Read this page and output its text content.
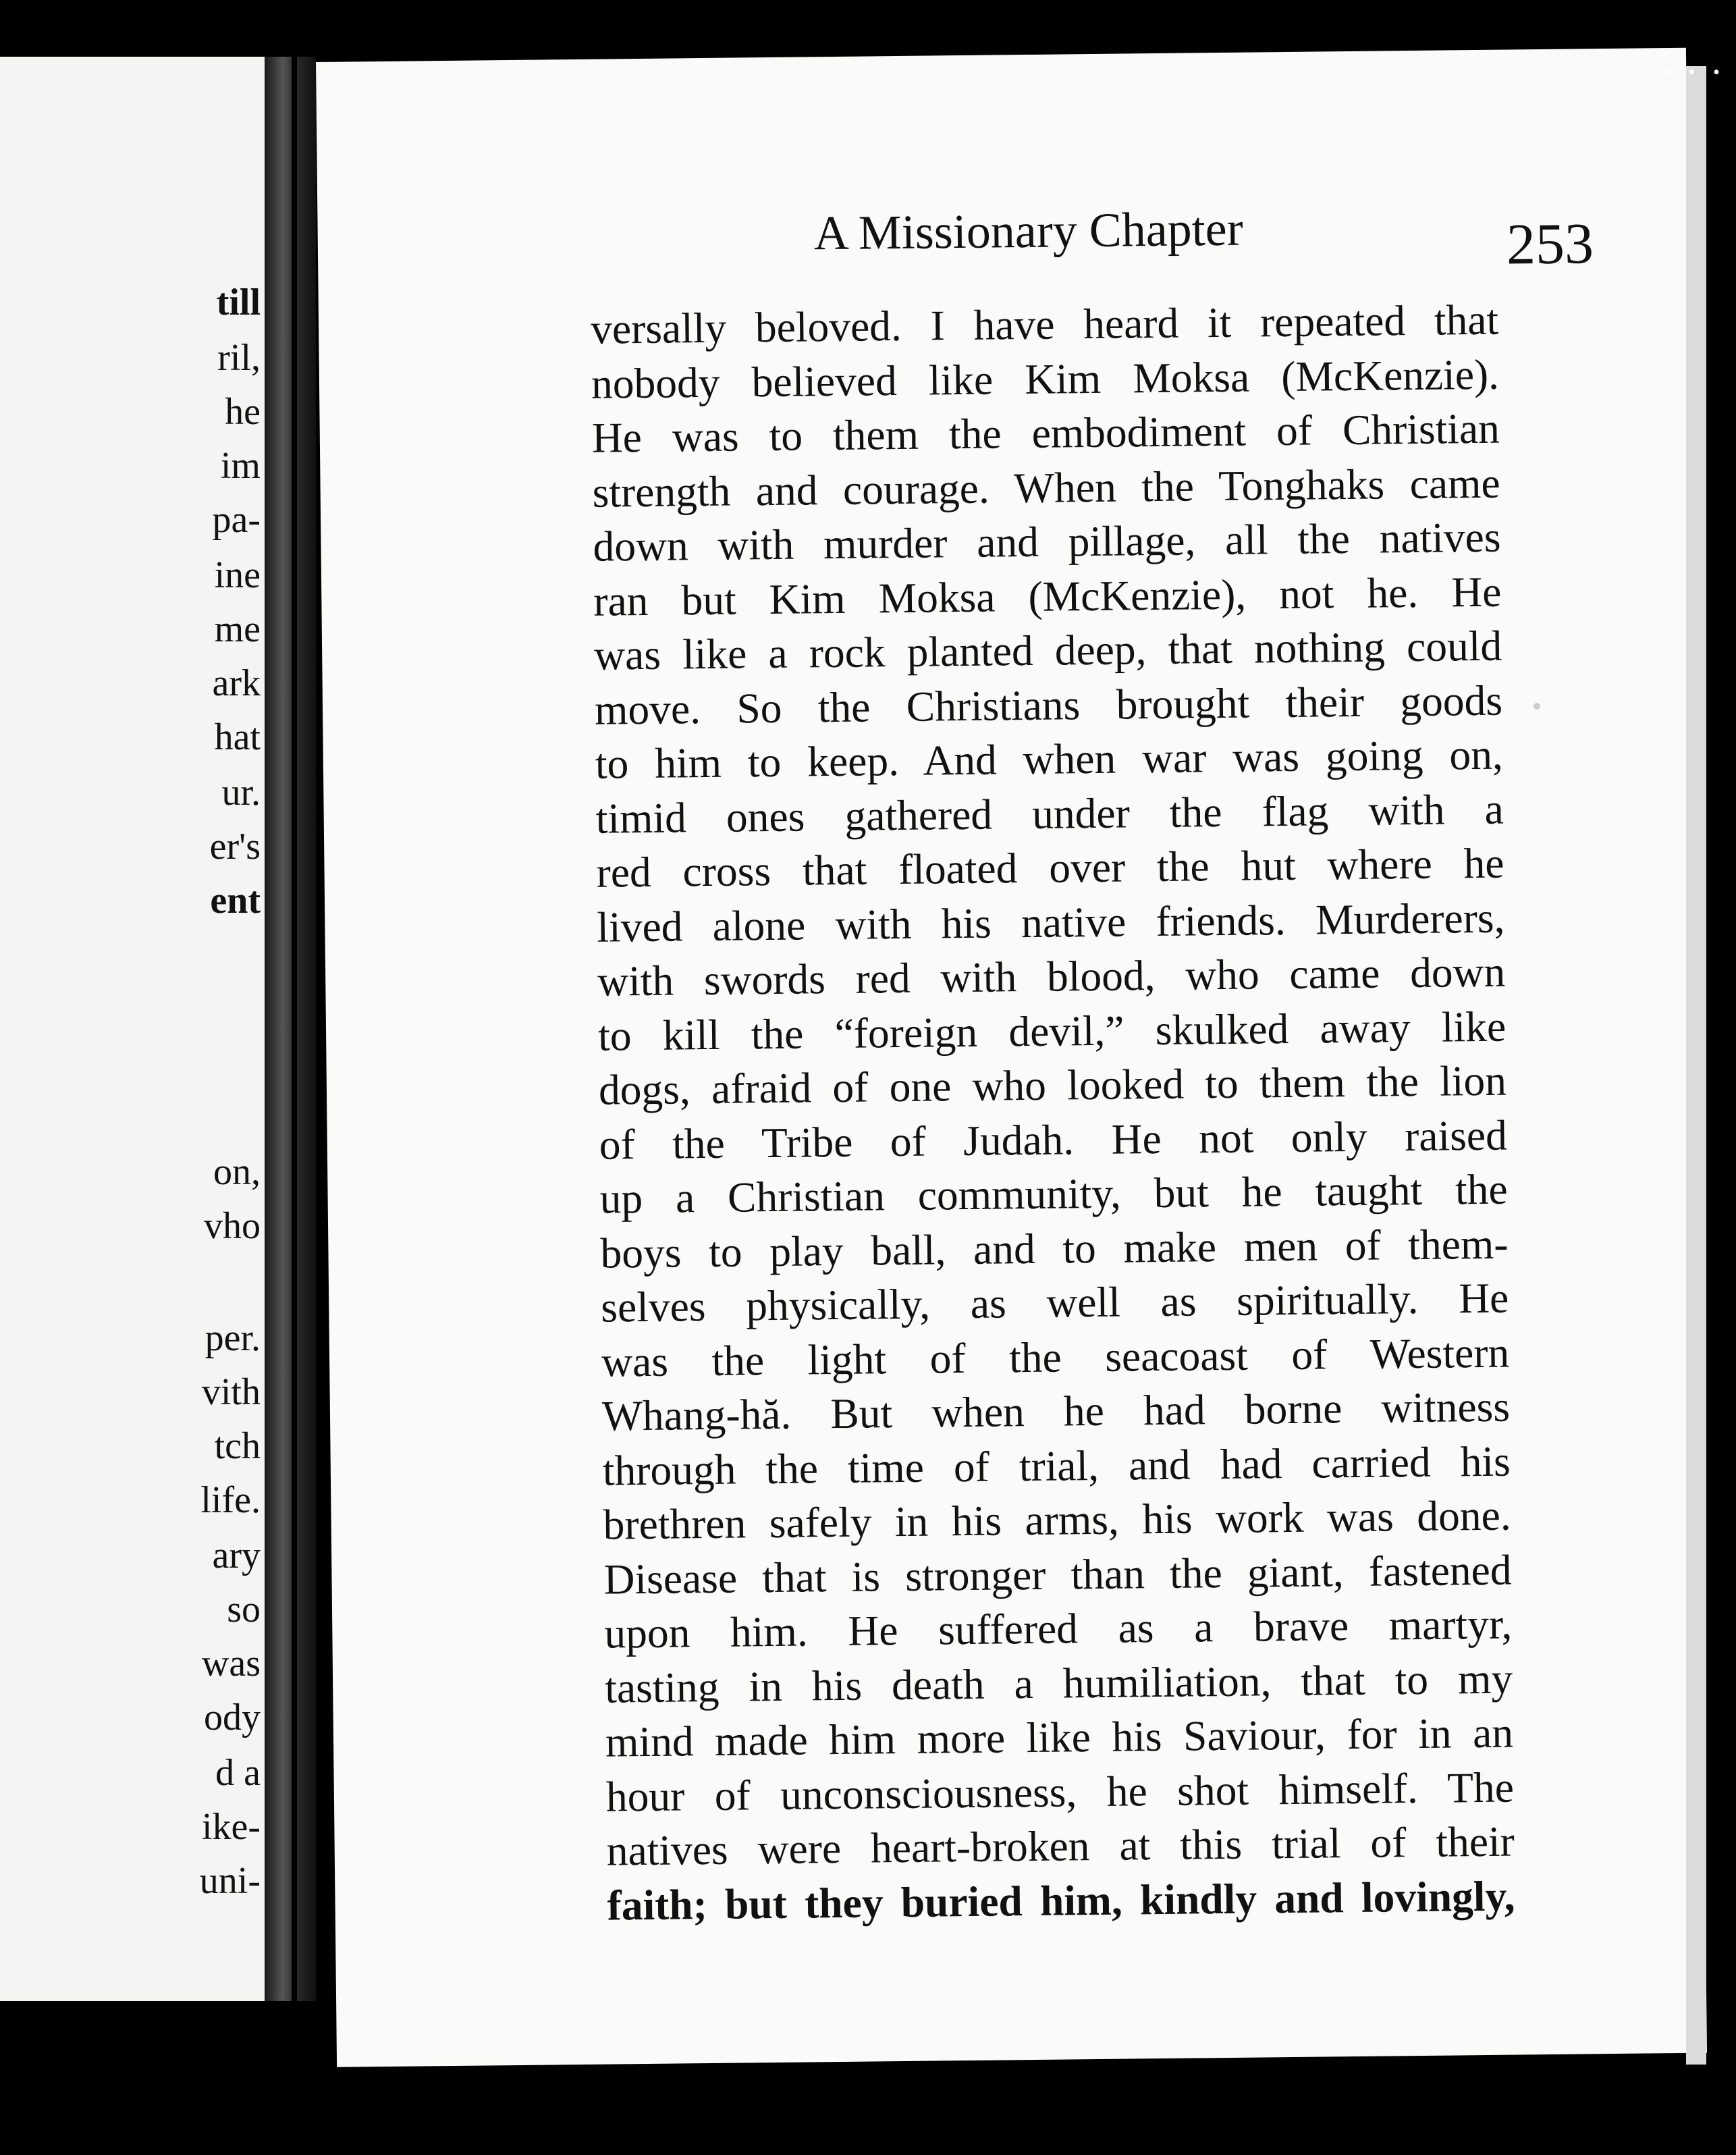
till
ril,
he
im
pa-
ine
me
ark
hat
ur.
er's
ent
on,
vho
per.
vith
tch
life.
ary
so
was
ody
d a
ike-
uni-
A Missionary Chapter	253
versally beloved. I have heard it repeated that
nobody believed like Kim Moksa (McKenzie).
He was to them the embodiment of Christian
strength and courage. When the Tonghaks came
down with murder and pillage, all the natives
ran but Kim Moksa (McKenzie), not he. He
was like a rock planted deep, that nothing could
move. So the Christians brought their goods
to him to keep. And when war was going on,
timid ones gathered under the flag with a
red cross that floated over the hut where he
lived alone with his native friends. Murderers,
with swords red with blood, who came down
to kill the “foreign devil,” skulked away like
dogs, afraid of one who looked to them the lion
of the Tribe of Judah. He not only raised
up a Christian community, but he taught the
boys to play ball, and to make men of them-
selves physically, as well as spiritually. He
was the light of the seacoast of Western
Whang-hă. But when he had borne witness
through the time of trial, and had carried his
brethren safely in his arms, his work was done.
Disease that is stronger than the giant, fastened
upon him. He suffered as a brave martyr,
tasting in his death a humiliation, that to my
mind made him more like his Saviour, for in an
hour of unconsciousness, he shot himself. The
natives were heart-broken at this trial of their
faith; but they buried him, kindly and lovingly,
• • •
